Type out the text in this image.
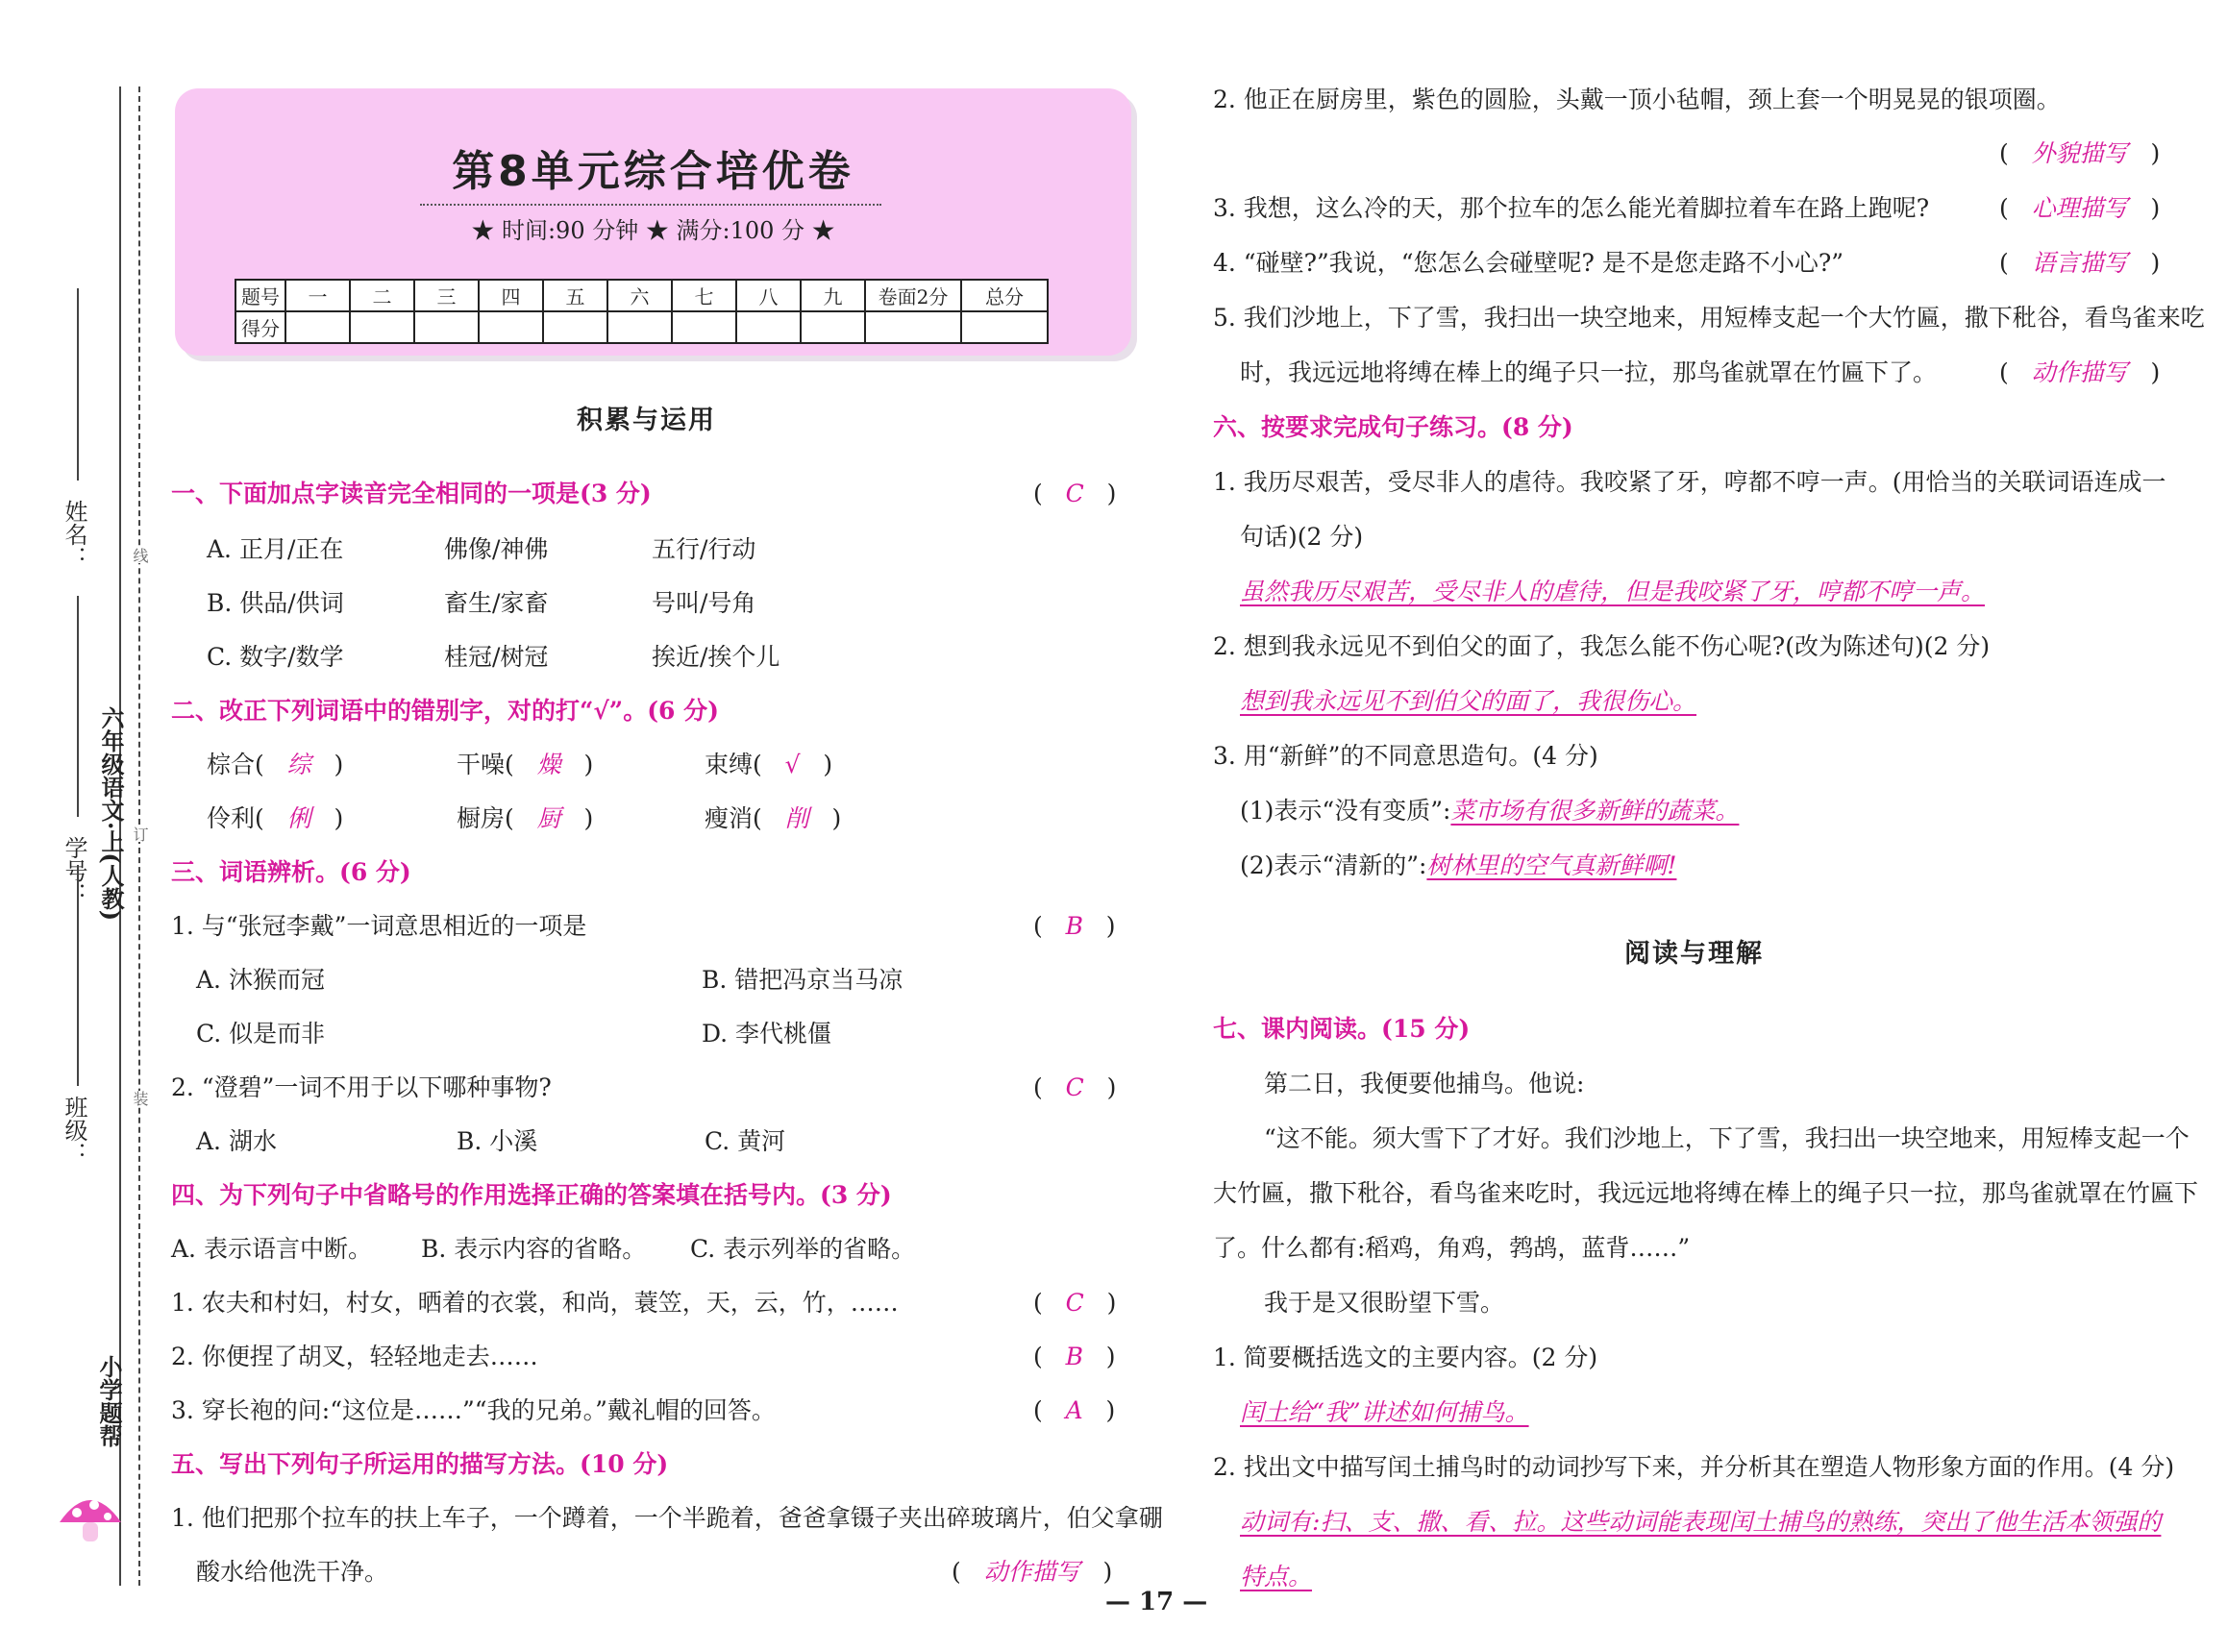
姓名：
学号：
班级：
六年级语文·上(人教)
线
订
装
小学题帮
第8单元综合培优卷
★ 时间:90 分钟 ★ 满分:100 分 ★
题号	一	二	三	四	五	六	七	八	九	卷面2分	总分
得分											
积累与运用
一、下面加点字读音完全相同的一项是(3 分)	(   C   )
A. 正月/正在	佛像/神佛	五行/行动
B. 供品/供词	畜生/家畜	号叫/号角
C. 数字/数学	桂冠/树冠	挨近/挨个儿
二、改正下列词语中的错别字，对的打“√”。(6 分)
棕合( 综   )	干噪( 燥   )	束缚( √   )
伶利( 俐   )	橱房( 厨   )	瘦消( 削   )
三、词语辨析。(6 分)
1. 与“张冠李戴”一词意思相近的一项是	(   B   )
A. 沐猴而冠	B. 错把冯京当马凉
C. 似是而非	D. 李代桃僵
2. “澄碧”一词不用于以下哪种事物?	(   C   )
A. 湖水	B. 小溪	C. 黄河
四、为下列句子中省略号的作用选择正确的答案填在括号内。(3 分)
A. 表示语言中断。 B. 表示内容的省略。 C. 表示列举的省略。
1. 农夫和村妇，村女，晒着的衣裳，和尚，蓑笠，天，云，竹，……	(   C   )
2. 你便捏了胡叉，轻轻地走去……	(   B   )
3. 穿长袍的问:“这位是……”“我的兄弟。”戴礼帽的回答。	(   A   )
五、写出下列句子所运用的描写方法。(10 分)
1. 他们把那个拉车的扶上车子，一个蹲着，一个半跪着，爸爸拿镊子夹出碎玻璃片，伯父拿硼
酸水给他洗干净。	(   动作描写   )
2. 他正在厨房里，紫色的圆脸，头戴一顶小毡帽，颈上套一个明晃晃的银项圈。
(   外貌描写   )
3. 我想，这么冷的天，那个拉车的怎么能光着脚拉着车在路上跑呢?	(   心理描写   )
4. “碰壁?”我说，“您怎么会碰壁呢? 是不是您走路不小心?”	(   语言描写   )
5. 我们沙地上，下了雪，我扫出一块空地来，用短棒支起一个大竹匾，撒下秕谷，看鸟雀来吃
时，我远远地将缚在棒上的绳子只一拉，那鸟雀就罩在竹匾下了。	(   动作描写   )
六、按要求完成句子练习。(8 分)
1. 我历尽艰苦，受尽非人的虐待。我咬紧了牙，哼都不哼一声。(用恰当的关联词语连成一
句话)(2 分)
虽然我历尽艰苦，受尽非人的虐待，但是我咬紧了牙，哼都不哼一声。
2. 想到我永远见不到伯父的面了，我怎么能不伤心呢?(改为陈述句)(2 分)
想到我永远见不到伯父的面了，我很伤心。
3. 用“新鲜”的不同意思造句。(4 分)
(1)表示“没有变质”:菜市场有很多新鲜的蔬菜。
(2)表示“清新的”:树林里的空气真新鲜啊!
阅读与理解
七、课内阅读。(15 分)
第二日，我便要他捕鸟。他说:
“这不能。须大雪下了才好。我们沙地上，下了雪，我扫出一块空地来，用短棒支起一个
大竹匾，撒下秕谷，看鸟雀来吃时，我远远地将缚在棒上的绳子只一拉，那鸟雀就罩在竹匾下
了。什么都有:稻鸡，角鸡，鹁鸪，蓝背……”
我于是又很盼望下雪。
1. 简要概括选文的主要内容。(2 分)
闰土给“我”讲述如何捕鸟。
2. 找出文中描写闰土捕鸟时的动词抄写下来，并分析其在塑造人物形象方面的作用。(4 分)
动词有:扫、支、撒、看、拉。这些动词能表现闰土捕鸟的熟练，突出了他生活本领强的
特点。
— 17 —
